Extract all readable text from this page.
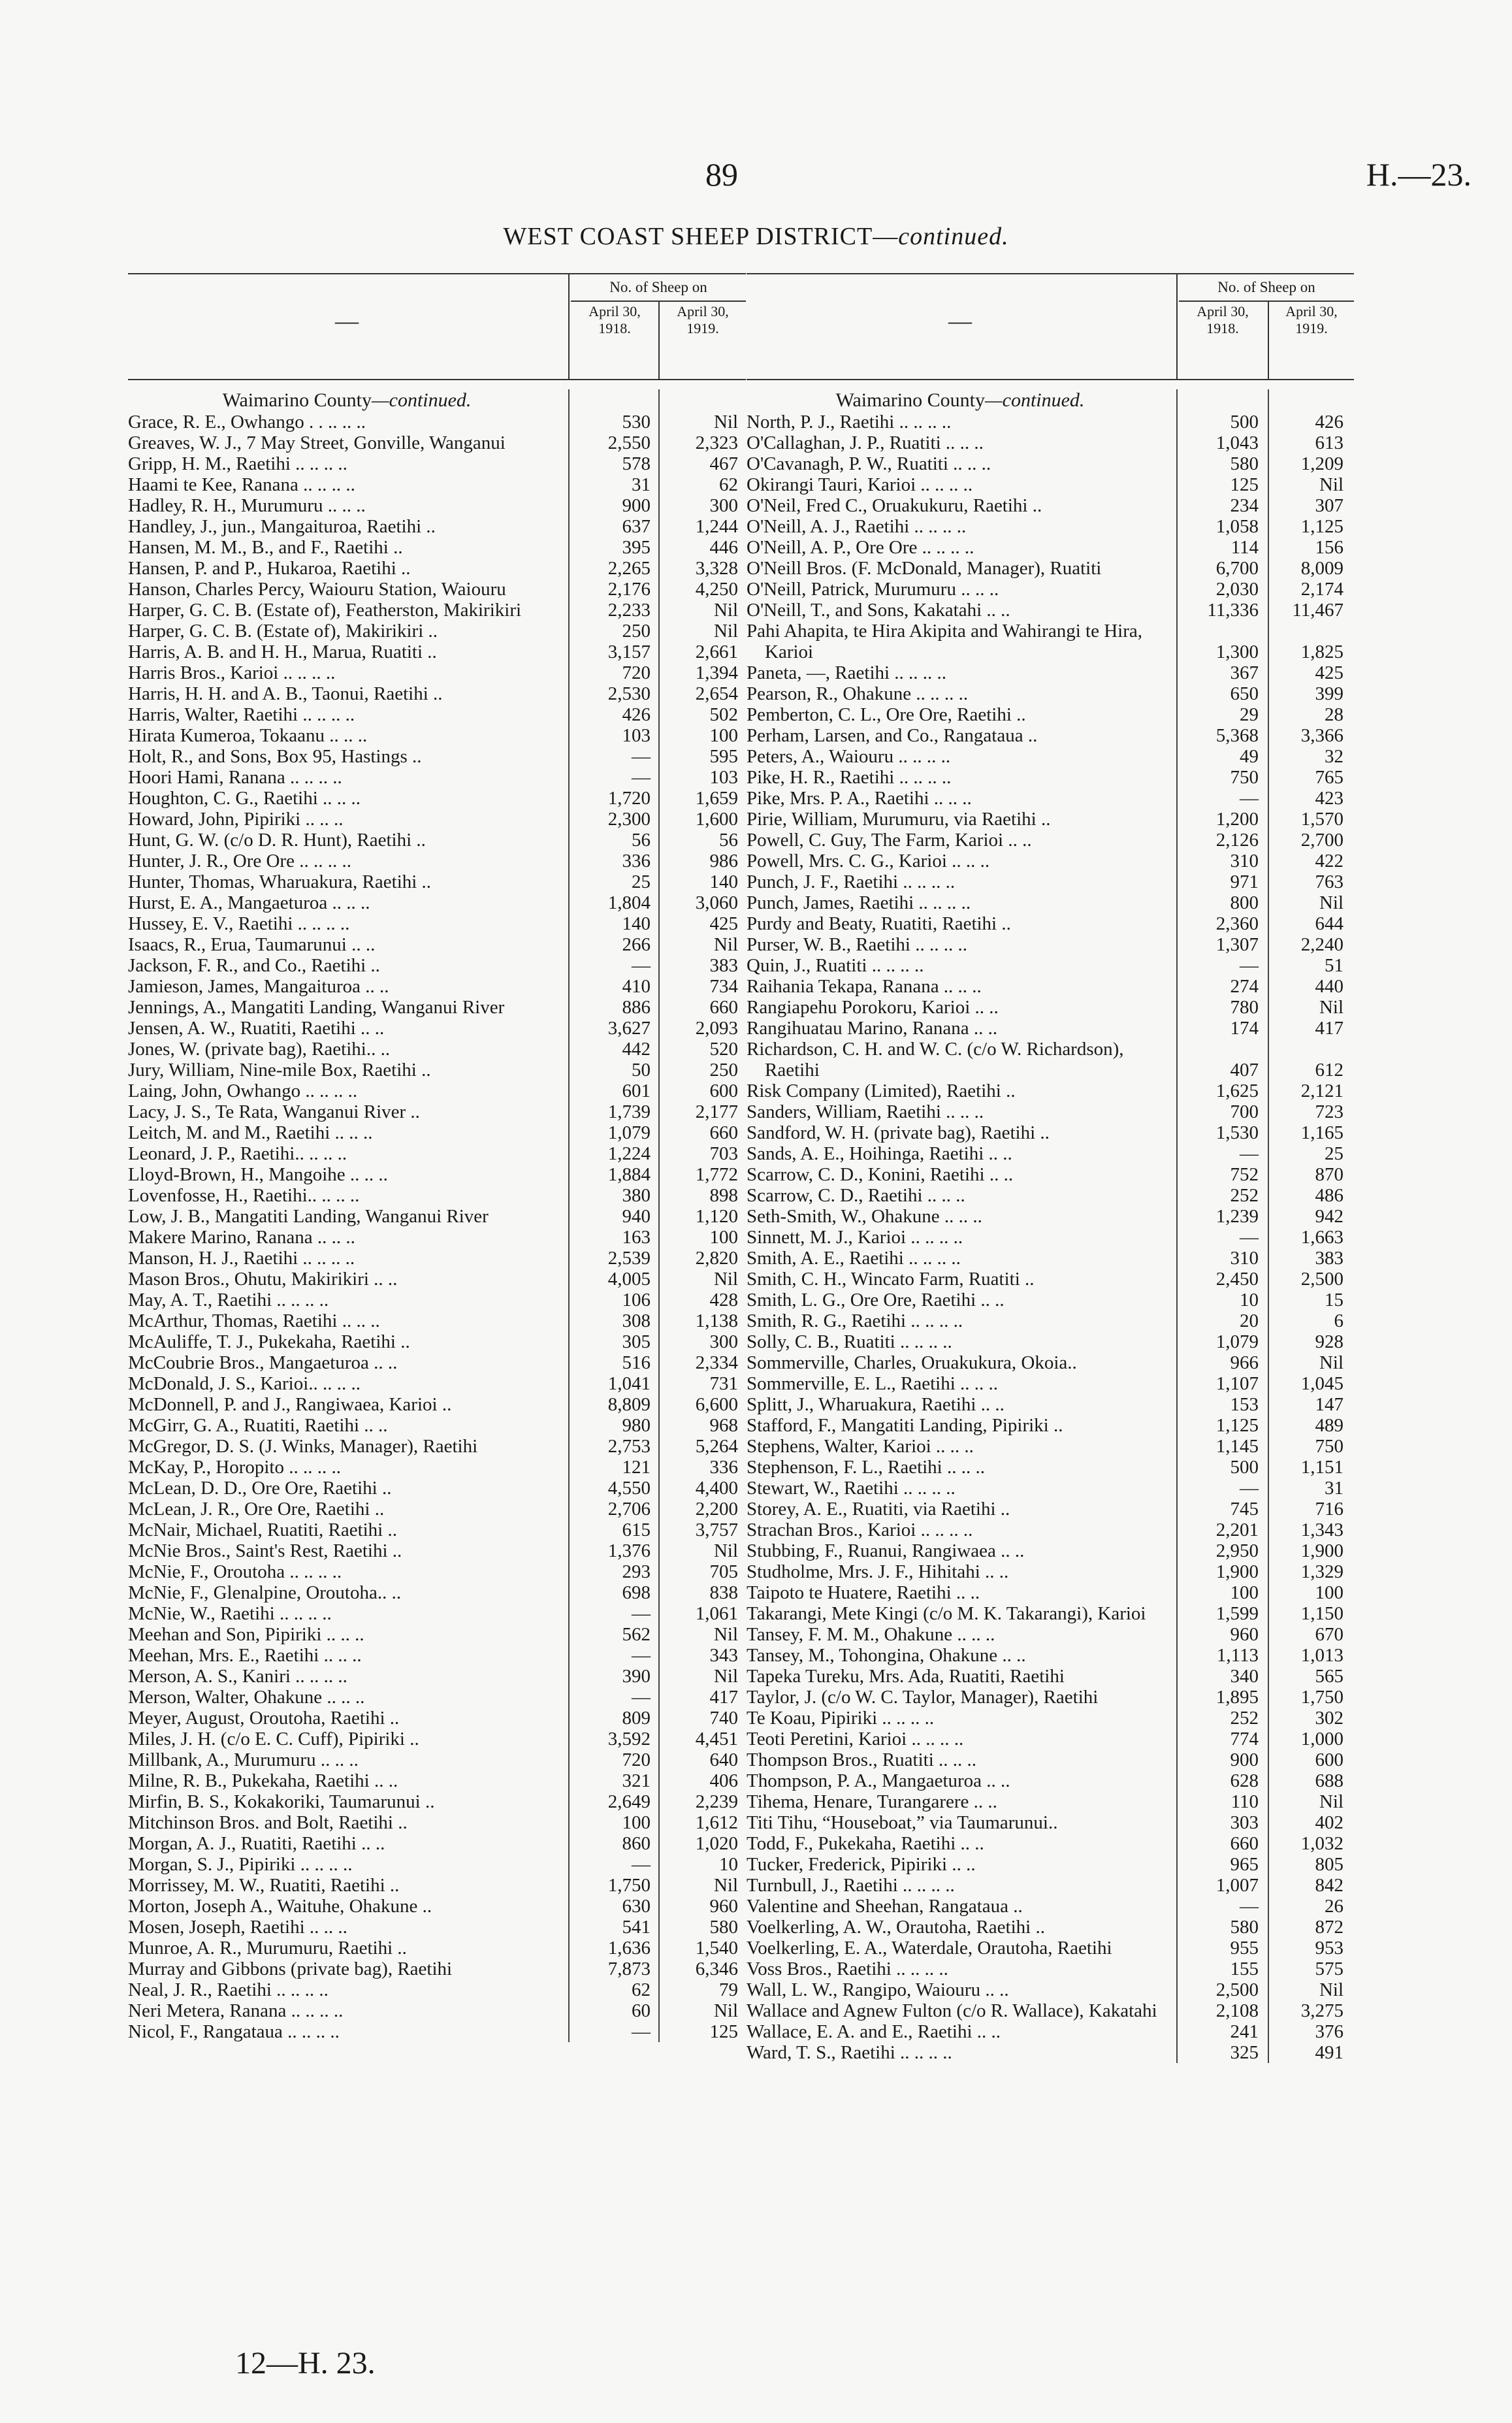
89	H.—23.
WEST COAST SHEEP DISTRICT—continued.
—
No. of Sheep on
April 30, 1918.
April 30, 1919.
Waimarino County—continued.
Grace, R. E., Owhango . . .. .. ..	530	Nil
Greaves, W. J., 7 May Street, Gonville, Wanganui	2,550	2,323
Gripp, H. M., Raetihi .. .. .. ..	578	467
Haami te Kee, Ranana .. .. .. ..	31	62
Hadley, R. H., Murumuru .. .. ..	900	300
Handley, J., jun., Mangaituroa, Raetihi ..	637	1,244
Hansen, M. M., B., and F., Raetihi ..	395	446
Hansen, P. and P., Hukaroa, Raetihi ..	2,265	3,328
Hanson, Charles Percy, Waiouru Station, Waiouru	2,176	4,250
Harper, G. C. B. (Estate of), Featherston, Makirikiri	2,233	Nil
Harper, G. C. B. (Estate of), Makirikiri ..	250	Nil
Harris, A. B. and H. H., Marua, Ruatiti ..	3,157	2,661
Harris Bros., Karioi .. .. .. ..	720	1,394
Harris, H. H. and A. B., Taonui, Raetihi ..	2,530	2,654
Harris, Walter, Raetihi .. .. .. ..	426	502
Hirata Kumeroa, Tokaanu .. .. ..	103	100
Holt, R., and Sons, Box 95, Hastings ..	—	595
Hoori Hami, Ranana .. .. .. ..	—	103
Houghton, C. G., Raetihi .. .. ..	1,720	1,659
Howard, John, Pipiriki .. .. ..	2,300	1,600
Hunt, G. W. (c/o D. R. Hunt), Raetihi ..	56	56
Hunter, J. R., Ore Ore .. .. .. ..	336	986
Hunter, Thomas, Wharuakura, Raetihi ..	25	140
Hurst, E. A., Mangaeturoa .. .. ..	1,804	3,060
Hussey, E. V., Raetihi .. .. .. ..	140	425
Isaacs, R., Erua, Taumarunui .. ..	266	Nil
Jackson, F. R., and Co., Raetihi ..	—	383
Jamieson, James, Mangaituroa .. ..	410	734
Jennings, A., Mangatiti Landing, Wanganui River	886	660
Jensen, A. W., Ruatiti, Raetihi .. ..	3,627	2,093
Jones, W. (private bag), Raetihi.. ..	442	520
Jury, William, Nine-mile Box, Raetihi ..	50	250
Laing, John, Owhango .. .. .. ..	601	600
Lacy, J. S., Te Rata, Wanganui River ..	1,739	2,177
Leitch, M. and M., Raetihi .. .. ..	1,079	660
Leonard, J. P., Raetihi.. .. .. ..	1,224	703
Lloyd-Brown, H., Mangoihe .. .. ..	1,884	1,772
Lovenfosse, H., Raetihi.. .. .. ..	380	898
Low, J. B., Mangatiti Landing, Wanganui River	940	1,120
Makere Marino, Ranana .. .. ..	163	100
Manson, H. J., Raetihi .. .. .. ..	2,539	2,820
Mason Bros., Ohutu, Makirikiri .. ..	4,005	Nil
May, A. T., Raetihi .. .. .. ..	106	428
McArthur, Thomas, Raetihi .. .. ..	308	1,138
McAuliffe, T. J., Pukekaha, Raetihi ..	305	300
McCoubrie Bros., Mangaeturoa .. ..	516	2,334
McDonald, J. S., Karioi.. .. .. ..	1,041	731
McDonnell, P. and J., Rangiwaea, Karioi ..	8,809	6,600
McGirr, G. A., Ruatiti, Raetihi .. ..	980	968
McGregor, D. S. (J. Winks, Manager), Raetihi	2,753	5,264
McKay, P., Horopito .. .. .. ..	121	336
McLean, D. D., Ore Ore, Raetihi ..	4,550	4,400
McLean, J. R., Ore Ore, Raetihi ..	2,706	2,200
McNair, Michael, Ruatiti, Raetihi ..	615	3,757
McNie Bros., Saint's Rest, Raetihi ..	1,376	Nil
McNie, F., Oroutoha .. .. .. ..	293	705
McNie, F., Glenalpine, Oroutoha.. ..	698	838
McNie, W., Raetihi .. .. .. ..	—	1,061
Meehan and Son, Pipiriki .. .. ..	562	Nil
Meehan, Mrs. E., Raetihi .. .. ..	—	343
Merson, A. S., Kaniri .. .. .. ..	390	Nil
Merson, Walter, Ohakune .. .. ..	—	417
Meyer, August, Oroutoha, Raetihi ..	809	740
Miles, J. H. (c/o E. C. Cuff), Pipiriki ..	3,592	4,451
Millbank, A., Murumuru .. .. ..	720	640
Milne, R. B., Pukekaha, Raetihi .. ..	321	406
Mirfin, B. S., Kokakoriki, Taumarunui ..	2,649	2,239
Mitchinson Bros. and Bolt, Raetihi ..	100	1,612
Morgan, A. J., Ruatiti, Raetihi .. ..	860	1,020
Morgan, S. J., Pipiriki .. .. .. ..	—	10
Morrissey, M. W., Ruatiti, Raetihi ..	1,750	Nil
Morton, Joseph A., Waituhe, Ohakune ..	630	960
Mosen, Joseph, Raetihi .. .. ..	541	580
Munroe, A. R., Murumuru, Raetihi ..	1,636	1,540
Murray and Gibbons (private bag), Raetihi	7,873	6,346
Neal, J. R., Raetihi .. .. .. ..	62	79
Neri Metera, Ranana .. .. .. ..	60	Nil
Nicol, F., Rangataua .. .. .. ..	—	125
—
No. of Sheep on
April 30, 1918.
April 30, 1919.
Waimarino County—continued.
North, P. J., Raetihi .. .. .. ..	500	426
O'Callaghan, J. P., Ruatiti .. .. ..	1,043	613
O'Cavanagh, P. W., Ruatiti .. .. ..	580	1,209
Okirangi Tauri, Karioi .. .. .. ..	125	Nil
O'Neil, Fred C., Oruakukuru, Raetihi ..	234	307
O'Neill, A. J., Raetihi .. .. .. ..	1,058	1,125
O'Neill, A. P., Ore Ore .. .. .. ..	114	156
O'Neill Bros. (F. McDonald, Manager), Ruatiti	6,700	8,009
O'Neill, Patrick, Murumuru .. .. ..	2,030	2,174
O'Neill, T., and Sons, Kakatahi .. ..	11,336	11,467
Pahi Ahapita, te Hira Akipita and Wahirangi te Hira, Karioi	1,300	1,825
Paneta, —, Raetihi .. .. .. ..	367	425
Pearson, R., Ohakune .. .. .. ..	650	399
Pemberton, C. L., Ore Ore, Raetihi ..	29	28
Perham, Larsen, and Co., Rangataua ..	5,368	3,366
Peters, A., Waiouru .. .. .. ..	49	32
Pike, H. R., Raetihi .. .. .. ..	750	765
Pike, Mrs. P. A., Raetihi .. .. ..	—	423
Pirie, William, Murumuru, via Raetihi ..	1,200	1,570
Powell, C. Guy, The Farm, Karioi .. ..	2,126	2,700
Powell, Mrs. C. G., Karioi .. .. ..	310	422
Punch, J. F., Raetihi .. .. .. ..	971	763
Punch, James, Raetihi .. .. .. ..	800	Nil
Purdy and Beaty, Ruatiti, Raetihi ..	2,360	644
Purser, W. B., Raetihi .. .. .. ..	1,307	2,240
Quin, J., Ruatiti .. .. .. ..	—	51
Raihania Tekapa, Ranana .. .. ..	274	440
Rangiapehu Porokoru, Karioi .. ..	780	Nil
Rangihuatau Marino, Ranana .. ..	174	417
Richardson, C. H. and W. C. (c/o W. Richardson), Raetihi	407	612
Risk Company (Limited), Raetihi ..	1,625	2,121
Sanders, William, Raetihi .. .. ..	700	723
Sandford, W. H. (private bag), Raetihi ..	1,530	1,165
Sands, A. E., Hoihinga, Raetihi .. ..	—	25
Scarrow, C. D., Konini, Raetihi .. ..	752	870
Scarrow, C. D., Raetihi .. .. ..	252	486
Seth-Smith, W., Ohakune .. .. ..	1,239	942
Sinnett, M. J., Karioi .. .. .. ..	—	1,663
Smith, A. E., Raetihi .. .. .. ..	310	383
Smith, C. H., Wincato Farm, Ruatiti ..	2,450	2,500
Smith, L. G., Ore Ore, Raetihi .. ..	10	15
Smith, R. G., Raetihi .. .. .. ..	20	6
Solly, C. B., Ruatiti .. .. .. ..	1,079	928
Sommerville, Charles, Oruakukura, Okoia..	966	Nil
Sommerville, E. L., Raetihi .. .. ..	1,107	1,045
Splitt, J., Wharuakura, Raetihi .. ..	153	147
Stafford, F., Mangatiti Landing, Pipiriki ..	1,125	489
Stephens, Walter, Karioi .. .. ..	1,145	750
Stephenson, F. L., Raetihi .. .. ..	500	1,151
Stewart, W., Raetihi .. .. .. ..	—	31
Storey, A. E., Ruatiti, via Raetihi ..	745	716
Strachan Bros., Karioi .. .. .. ..	2,201	1,343
Stubbing, F., Ruanui, Rangiwaea .. ..	2,950	1,900
Studholme, Mrs. J. F., Hihitahi .. ..	1,900	1,329
Taipoto te Huatere, Raetihi .. ..	100	100
Takarangi, Mete Kingi (c/o M. K. Takarangi), Karioi	1,599	1,150
Tansey, F. M. M., Ohakune .. .. ..	960	670
Tansey, M., Tohongina, Ohakune .. ..	1,113	1,013
Tapeka Tureku, Mrs. Ada, Ruatiti, Raetihi	340	565
Taylor, J. (c/o W. C. Taylor, Manager), Raetihi	1,895	1,750
Te Koau, Pipiriki .. .. .. ..	252	302
Teoti Peretini, Karioi .. .. .. ..	774	1,000
Thompson Bros., Ruatiti .. .. ..	900	600
Thompson, P. A., Mangaeturoa .. ..	628	688
Tihema, Henare, Turangarere .. ..	110	Nil
Titi Tihu, “Houseboat,” via Taumarunui..	303	402
Todd, F., Pukekaha, Raetihi .. ..	660	1,032
Tucker, Frederick, Pipiriki .. ..	965	805
Turnbull, J., Raetihi .. .. .. ..	1,007	842
Valentine and Sheehan, Rangataua ..	—	26
Voelkerling, A. W., Orautoha, Raetihi ..	580	872
Voelkerling, E. A., Waterdale, Orautoha, Raetihi	955	953
Voss Bros., Raetihi .. .. .. ..	155	575
Wall, L. W., Rangipo, Waiouru .. ..	2,500	Nil
Wallace and Agnew Fulton (c/o R. Wallace), Kakatahi	2,108	3,275
Wallace, E. A. and E., Raetihi .. ..	241	376
Ward, T. S., Raetihi .. .. .. ..	325	491
12—H. 23.
